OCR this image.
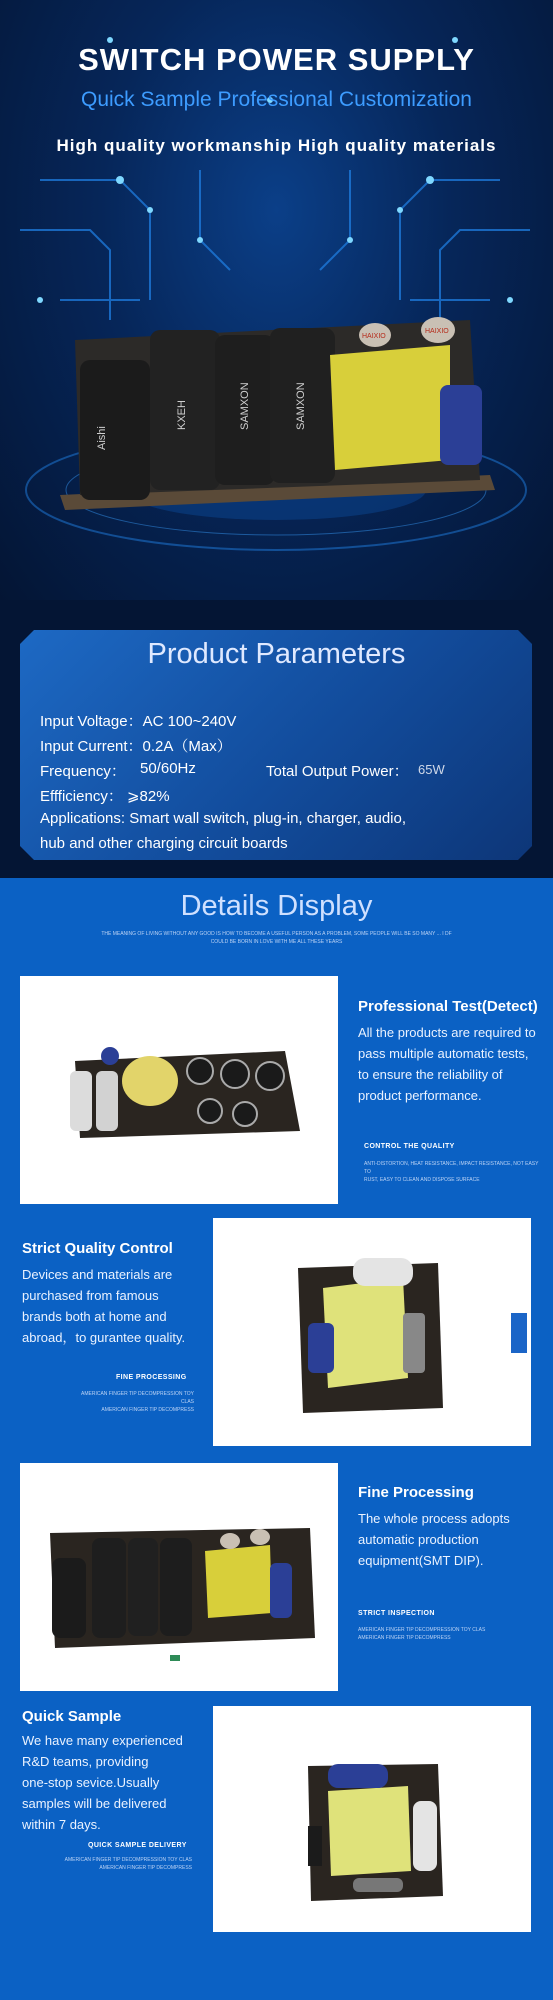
SWITCH POWER SUPPLY
Quick Sample Professional Customization
High quality workmanship High quality materials
Aishi
KXEH	SAMXON	SAMXON
HAIXIO
HAIXIO
Product Parameters
Input Voltage：AC 100~240V
Input Current：0.2A（Max）
Frequency： 50/60Hz	Total Output Power： 65W
Effficiency： ⩾82%
Applications: Smart wall switch, plug-in, charger, audio,
hub and other charging circuit boards
Details Display
THE MEANING OF LIVING WITHOUT ANY GOOD IS HOW TO BECOME A USEFUL PERSON AS A PROBLEM, SOME PEOPLE WILL BE SO MANY ... I DF
COULD BE BORN IN LOVE WITH ME ALL THESE YEARS
Professional Test(Detect)
All the products are required to
pass multiple automatic tests,
to ensure the reliability of
product performance.
CONTROL THE QUALITY
ANTI-DISTORTION, HEAT RESISTANCE, IMPACT RESISTANCE, NOT EASY TO
RUST, EASY TO CLEAN AND DISPOSE SURFACE
Strict Quality Control
Devices and materials are
purchased from famous
brands both at home and
abroad，to gurantee quality.
FINE PROCESSING
AMERICAN FINGER TIP DECOMPRESSION TOY CLAS
AMERICAN FINGER TIP DECOMPRESS
Fine Processing
The whole process adopts
automatic production
equipment(SMT DIP).
STRICT INSPECTION
AMERICAN FINGER TIP DECOMPRESSION TOY CLAS
AMERICAN FINGER TIP DECOMPRESS
Quick Sample
We have many experienced
R&D teams, providing
one-stop sevice.Usually
samples will be delivered
within 7 days.
QUICK SAMPLE DELIVERY
AMERICAN FINGER TIP DECOMPRESSION TOY CLAS
AMERICAN FINGER TIP DECOMPRESS
